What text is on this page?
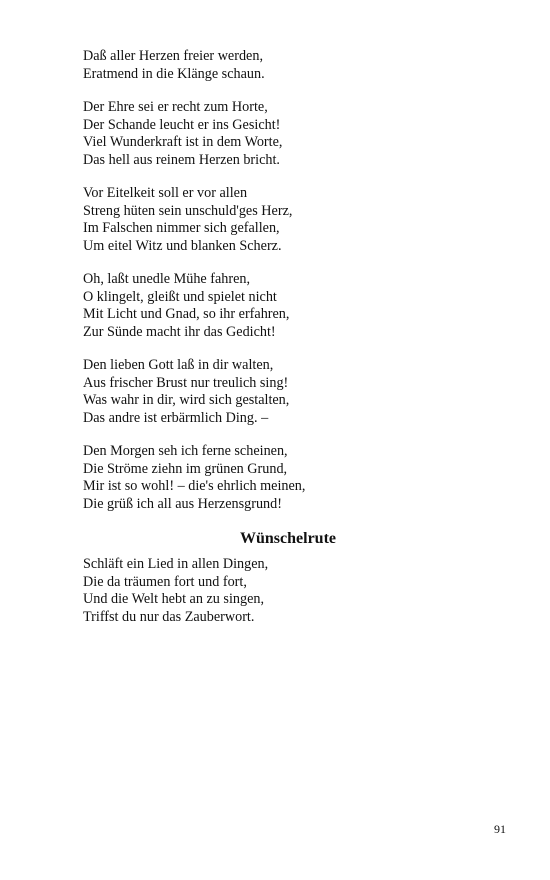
Daß aller Herzen freier werden,
Eratmend in die Klänge schaun.
Der Ehre sei er recht zum Horte,
Der Schande leucht er ins Gesicht!
Viel Wunderkraft ist in dem Worte,
Das hell aus reinem Herzen bricht.
Vor Eitelkeit soll er vor allen
Streng hüten sein unschuld'ges Herz,
Im Falschen nimmer sich gefallen,
Um eitel Witz und blanken Scherz.
Oh, laßt unedle Mühe fahren,
O klingelt, gleißt und spielet nicht
Mit Licht und Gnad, so ihr erfahren,
Zur Sünde macht ihr das Gedicht!
Den lieben Gott laß in dir walten,
Aus frischer Brust nur treulich sing!
Was wahr in dir, wird sich gestalten,
Das andre ist erbärmlich Ding. –
Den Morgen seh ich ferne scheinen,
Die Ströme ziehn im grünen Grund,
Mir ist so wohl! – die's ehrlich meinen,
Die grüß ich all aus Herzensgrund!
Wünschelrute
Schläft ein Lied in allen Dingen,
Die da träumen fort und fort,
Und die Welt hebt an zu singen,
Triffst du nur das Zauberwort.
91
